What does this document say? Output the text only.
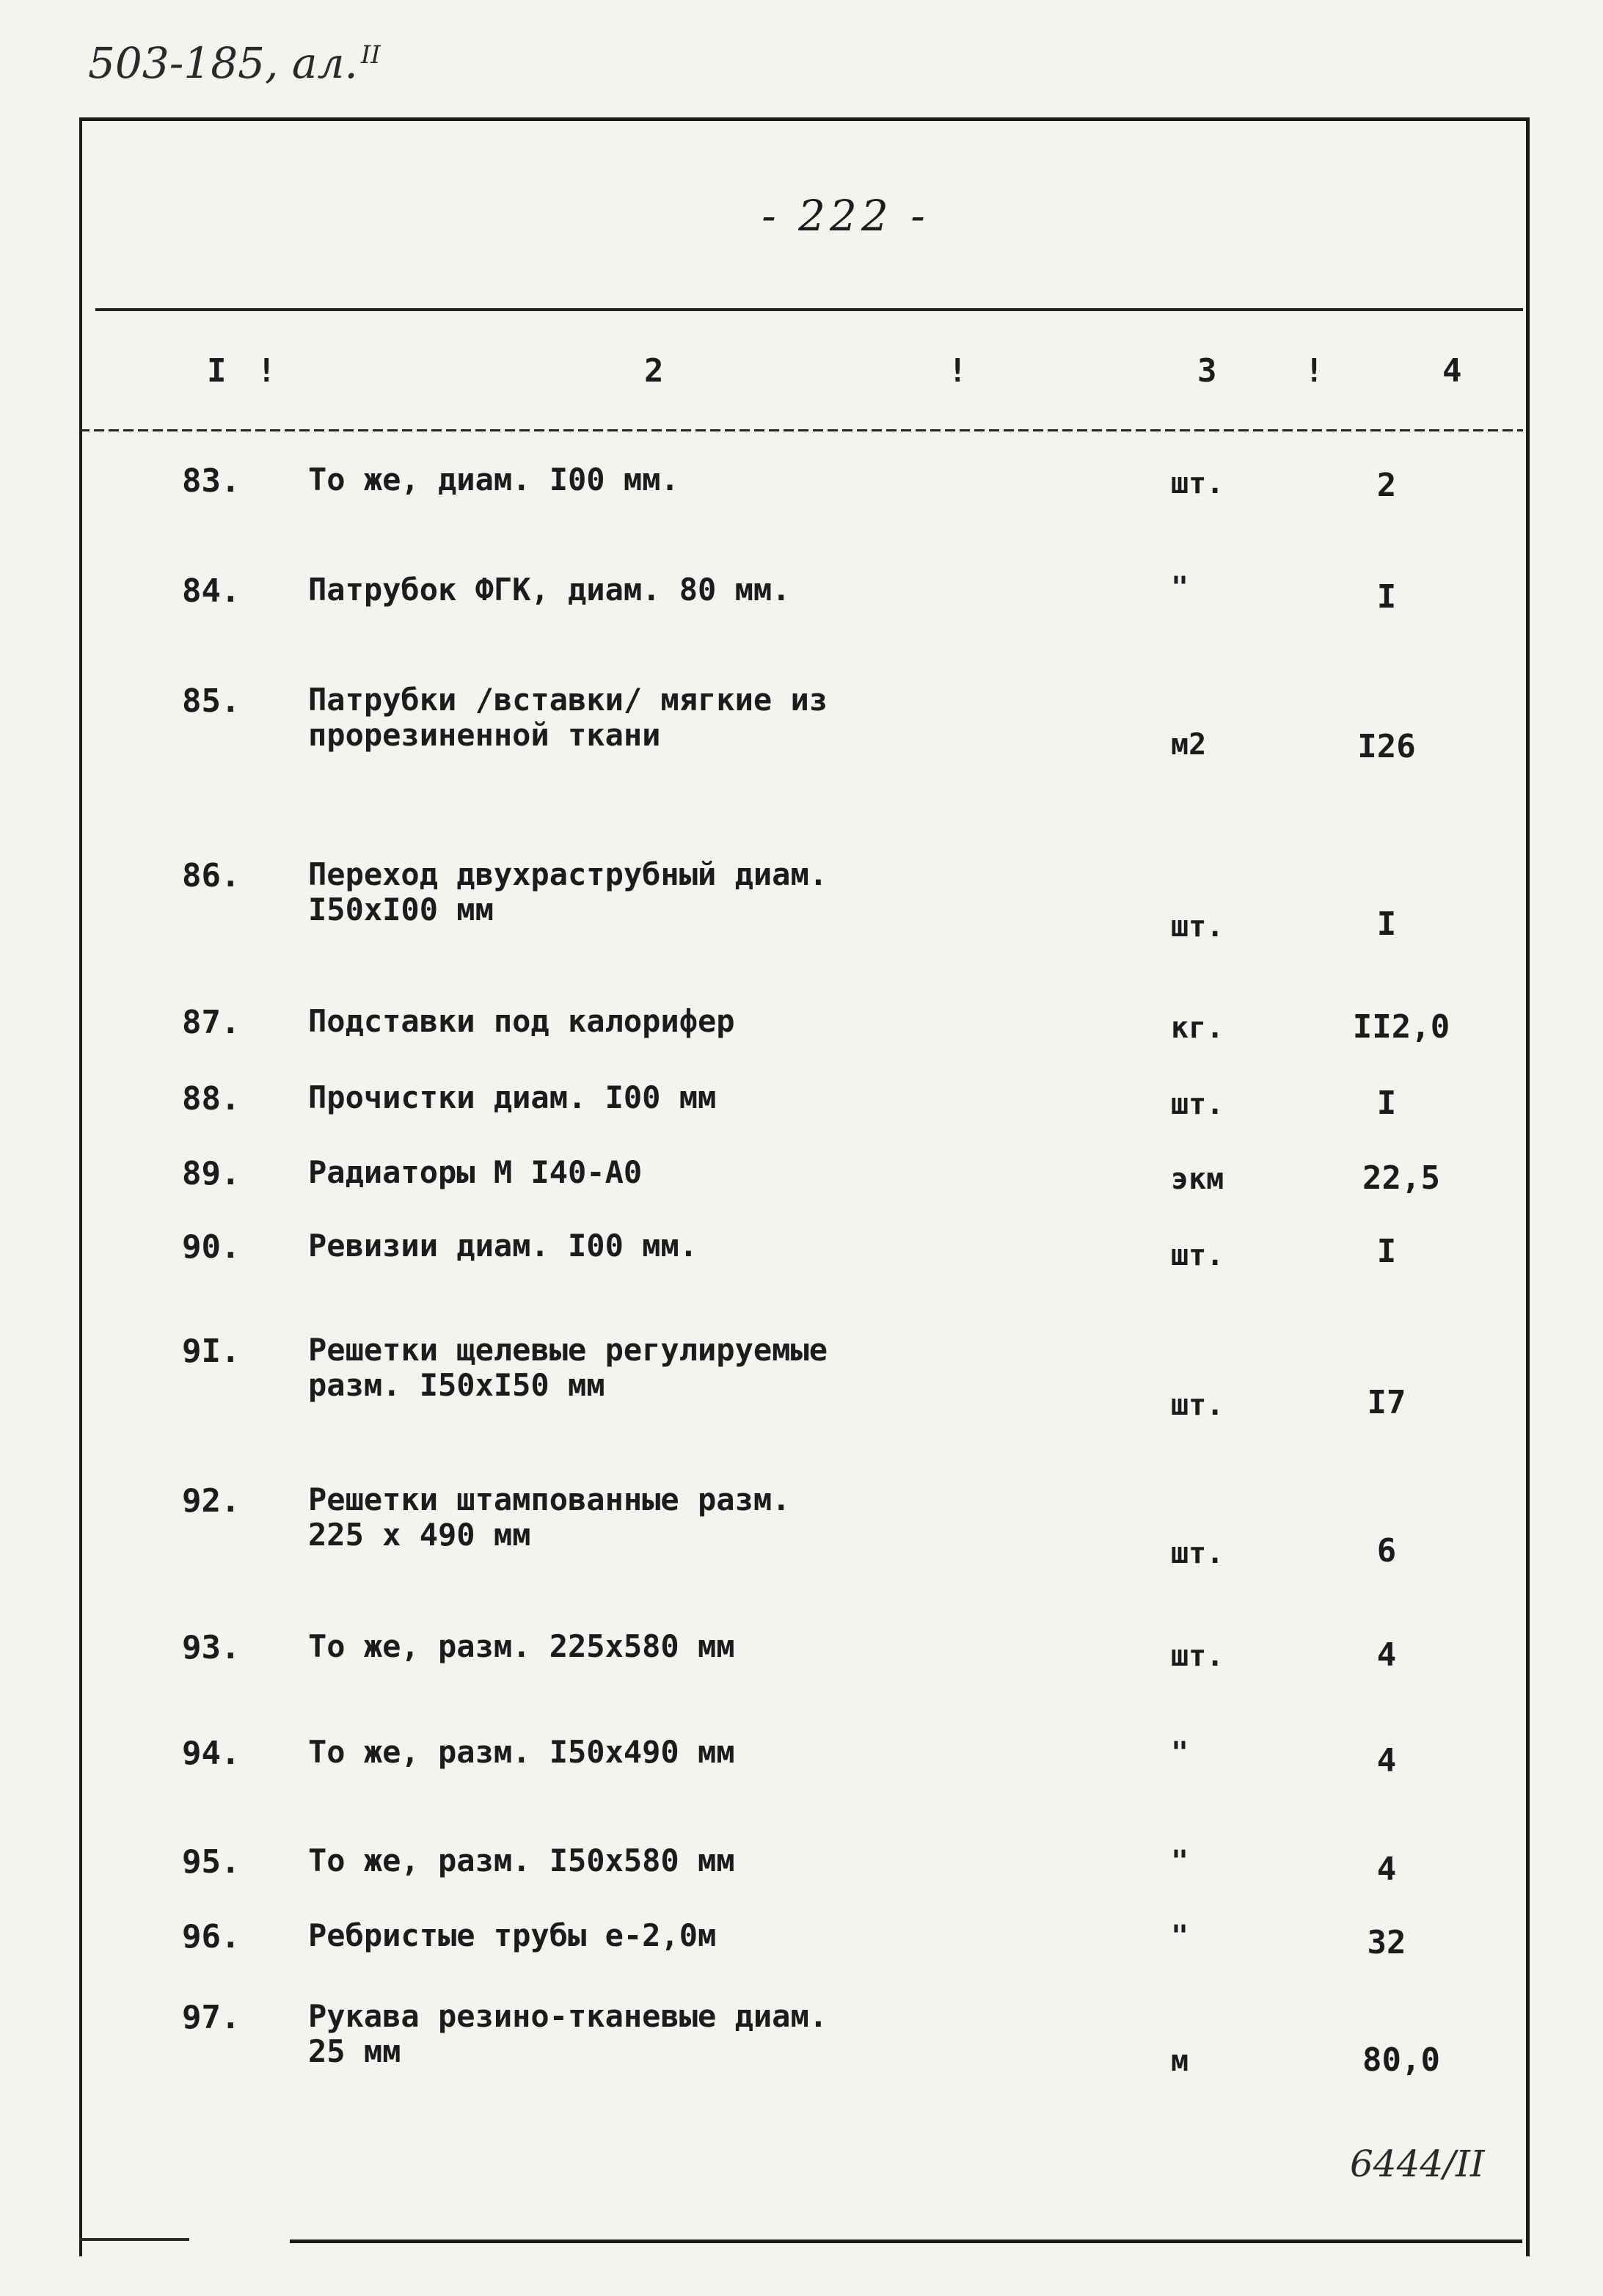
503-185, ал. $^{II}$
- 222 -
I !	2	!	3	!	4
83. То же, диам. I00 мм.	шт.	2
84. Патрубок ФГК, диам. 80 мм.	"	I
85. Патрубки /вставки/ мягкие из
прорезиненной ткани	м2	I26
86. Переход двухраструбный диам.
I50xI00 мм	шт.	I
87. Подставки под калорифер	кг.	II2,0
88. Прочистки диам. I00 мм	шт.	I
89. Радиаторы М I40-А0	экм	22,5
90. Ревизии диам. I00 мм.	шт.	I
9I. Решетки щелевые регулируемые
разм. I50xI50 мм
шт.	I7
92. Решетки штампованные разм.
225 x 490 мм
шт.	6
93. То же, разм. 225x580 мм	шт.	4
94. То же, разм. I50x490 мм	"	4
95. То же, разм. I50x580 мм	"	4
96. Ребристые трубы е-2,0м	"	32
97. Рукава резино-тканевые диам.
25 мм	м	80,0
6444/II
